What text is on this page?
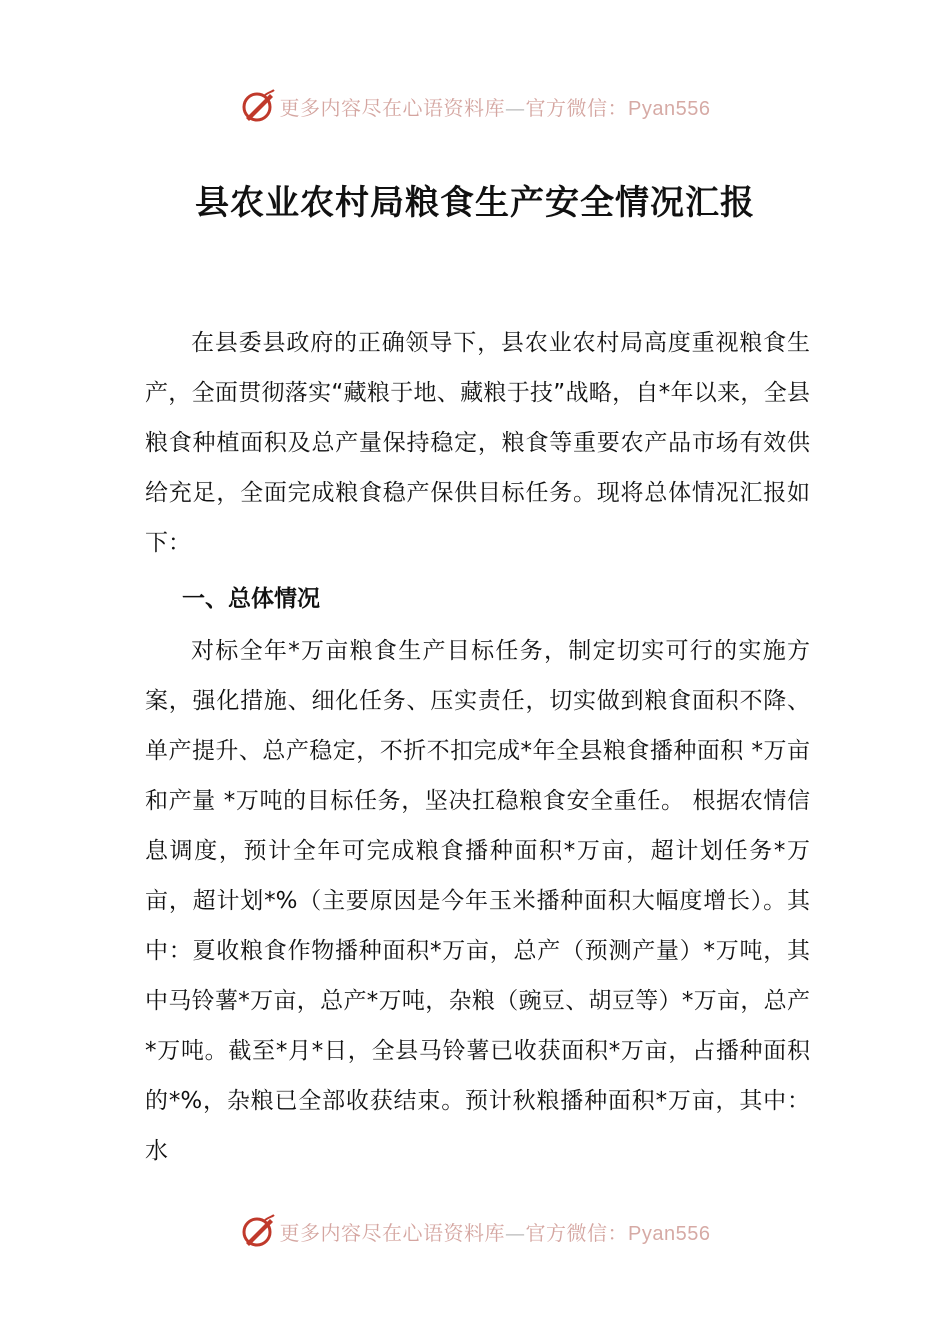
更多内容尽在心语资料库—官方微信：Pyan556
县农业农村局粮食生产安全情况汇报

在县委县政府的正确领导下，县农业农村局高度重视粮食生产，全面贯彻落实“藏粮于地、藏粮于技”战略，自*年以来，全县粮食种植面积及总产量保持稳定，粮食等重要农产品市场有效供给充足，全面完成粮食稳产保供目标任务。现将总体情况汇报如下：

一、总体情况

对标全年*万亩粮食生产目标任务，制定切实可行的实施方案，强化措施、细化任务、压实责任，切实做到粮食面积不降、单产提升、总产稳定，不折不扣完成*年全县粮食播种面积 *万亩和产量 *万吨的目标任务，坚决扛稳粮食安全重任。 根据农情信息调度，预计全年可完成粮食播种面积*万亩，超计划任务*万亩，超计划*%（主要原因是今年玉米播种面积大幅度增长）。其中：夏收粮食作物播种面积*万亩，总产（预测产量）*万吨，其中马铃薯*万亩，总产*万吨，杂粮（豌豆、胡豆等）*万亩，总产*万吨。截至*月*日，全县马铃薯已收获面积*万亩，占播种面积的*%，杂粮已全部收获结束。预计秋粮播种面积*万亩，其中：水

更多内容尽在心语资料库—官方微信：Pyan556
